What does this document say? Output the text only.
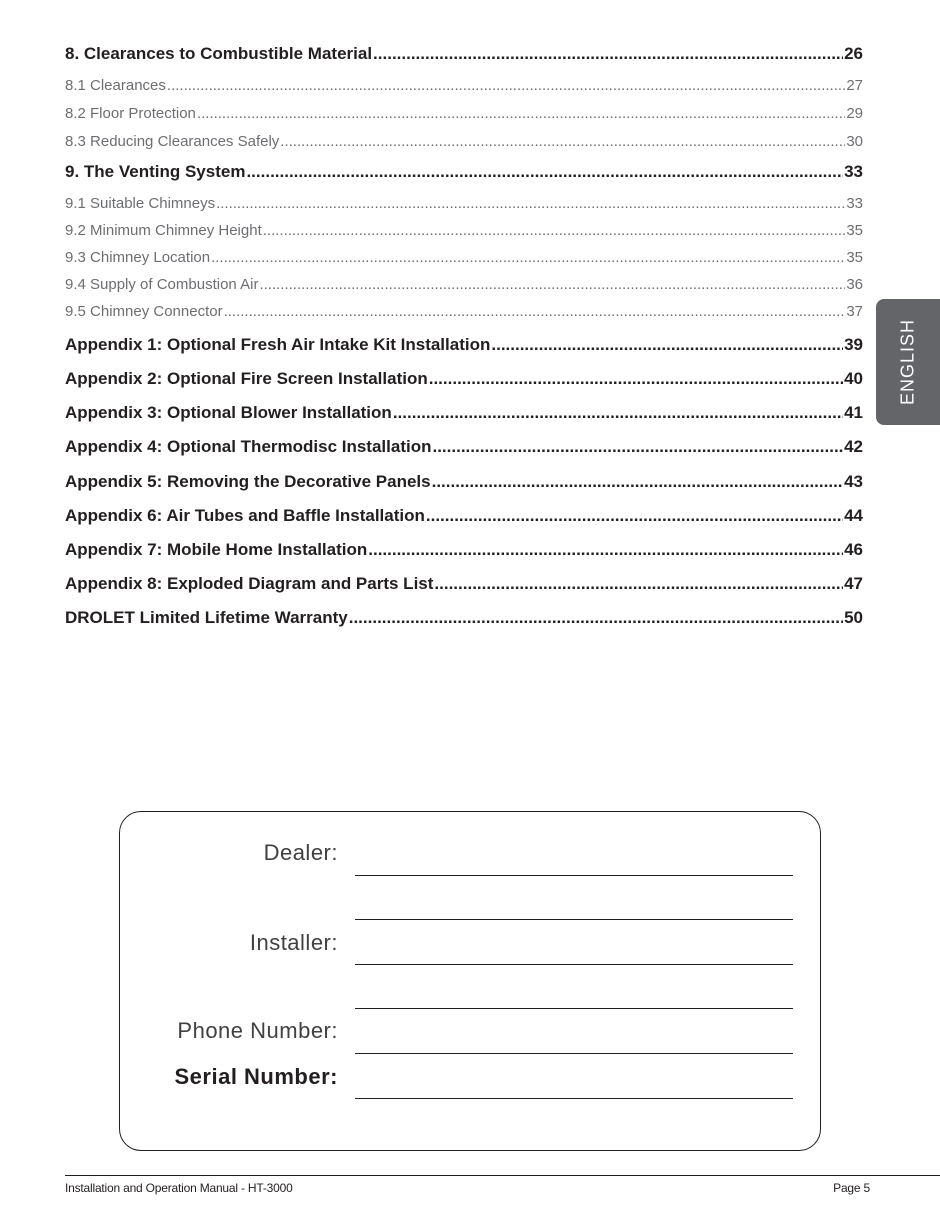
8. Clearances to Combustible Material .....	26
8.1 Clearances .....	27
8.2 Floor Protection .....	29
8.3 Reducing Clearances Safely .....	30
9. The Venting System .....	33
9.1 Suitable Chimneys .....	33
9.2 Minimum Chimney Height .....	35
9.3 Chimney Location .....	35
9.4 Supply of Combustion Air .....	36
9.5 Chimney Connector .....	37
Appendix 1: Optional Fresh Air Intake Kit Installation .....	39
Appendix 2: Optional Fire Screen Installation .....	40
Appendix 3: Optional Blower Installation .....	41
Appendix 4: Optional Thermodisc Installation .....	42
Appendix 5: Removing the Decorative Panels .....	43
Appendix 6: Air Tubes and Baffle Installation .....	44
Appendix 7: Mobile Home Installation .....	46
Appendix 8: Exploded Diagram and Parts List .....	47
DROLET Limited Lifetime Warranty .....	50
ENGLISH
Dealer:
Installer:
Phone Number:
Serial Number:
Installation and Operation Manual - HT-3000	Page 5
